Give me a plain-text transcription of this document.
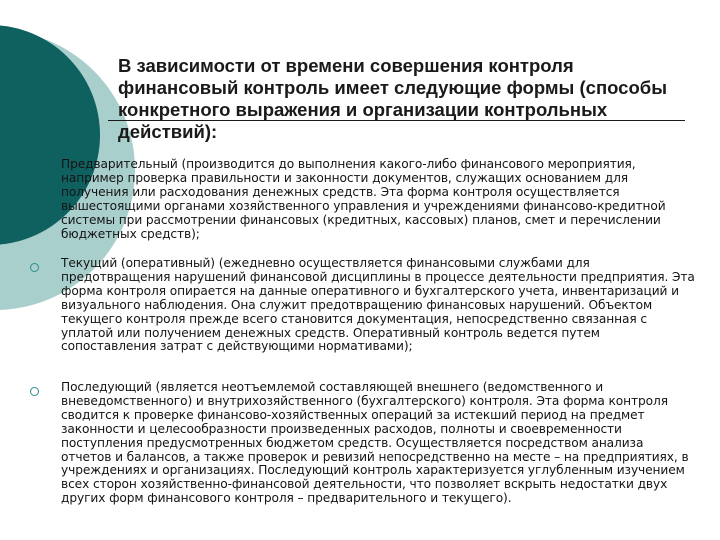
В зависимости от времени совершения контроля финансовый контроль имеет следующие формы (способы конкретного выражения и организации контрольных действий):

Предварительный (производится до выполнения какого-либо финансового мероприятия, например проверка правильности и законности документов, служащих основанием для получения или расходования денежных средств. Эта форма контроля осуществляется вышестоящими органами хозяйственного управления и учреждениями финансово-кредитной системы при рассмотрении финансовых (кредитных, кассовых) планов, смет и перечислении бюджетных средств);

Текущий (оперативный) (ежедневно осуществляется финансовыми службами для предотвращения нарушений финансовой дисциплины в процессе деятельности предприятия. Эта форма контроля опирается на данные оперативного и бухгалтерского учета, инвентаризаций и визуального наблюдения. Она служит предотвращению финансовых нарушений. Объектом текущего контроля прежде всего становится документация, непосредственно связанная с уплатой или получением денежных средств. Оперативный контроль ведется путем сопоставления затрат с действующими нормативами);

Последующий (является неотъемлемой составляющей внешнего (ведомственного и вневедомственного) и внутрихозяйственного (бухгалтерского) контроля. Эта форма контроля сводится к проверке финансово-хозяйственных операций за истекший период на предмет законности и целесообразности произведенных расходов, полноты и своевременности поступления предусмотренных бюджетом средств. Осуществляется посредством анализа отчетов и балансов, а также проверок и ревизий непосредственно на месте – на предприятиях, в учреждениях и организациях. Последующий контроль характеризуется углубленным изучением всех сторон хозяйственно-финансовой деятельности, что позволяет вскрыть недостатки двух других форм финансового контроля – предварительного и текущего).
